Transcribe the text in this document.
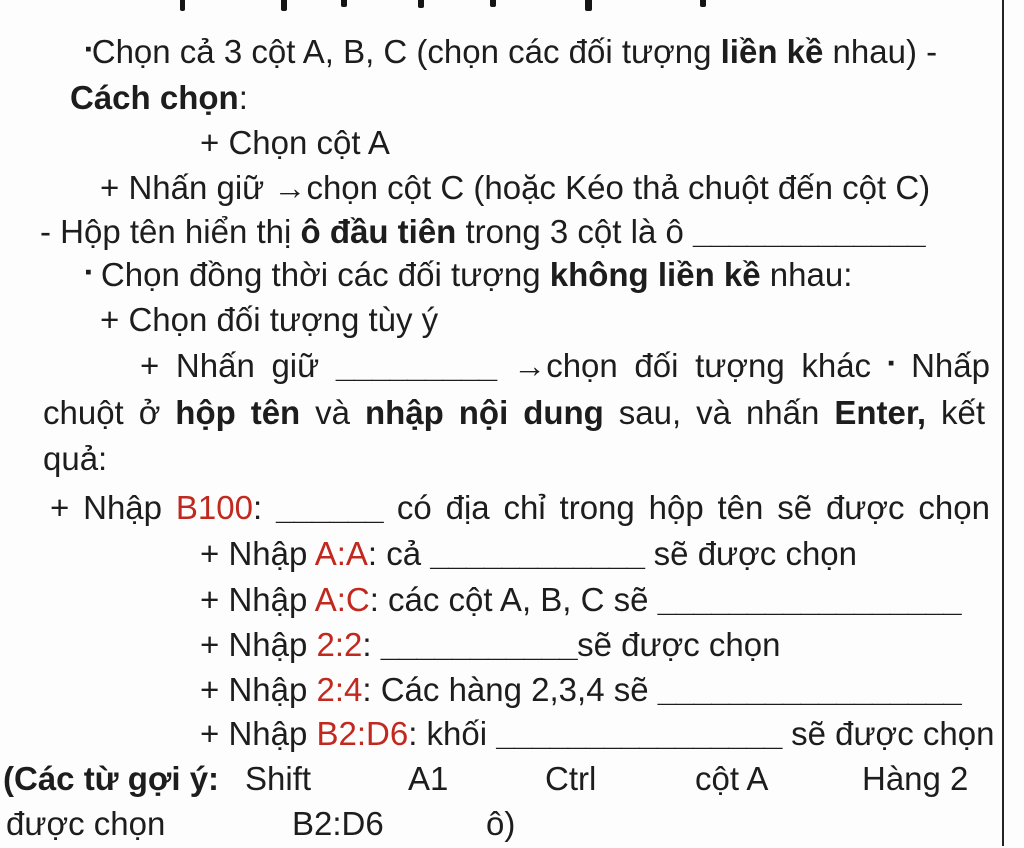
▪Chọn cả 3 cột A, B, C (chọn các đối tượng liền kề nhau) -
Cách chọn:
+ Chọn cột A
+ Nhấn giữ →chọn cột C (hoặc Kéo thả chuột đến cột C)
- Hộp tên hiển thị ô đầu tiên trong 3 cột là ô _____________
▪ Chọn đồng thời các đối tượng không liền kề nhau:
+ Chọn đối tượng tùy ý
+ Nhấn giữ _________ →chọn đối tượng khác ▪ Nhấp
chuột ở hộp tên và nhập nội dung sau, và nhấn Enter, kết
quả:
+ Nhập B100: ______ có địa chỉ trong hộp tên sẽ được chọn
+ Nhập A:A: cả ____________ sẽ được chọn
+ Nhập A:C: các cột A, B, C sẽ _________________
+ Nhập 2:2: ___________sẽ được chọn
+ Nhập 2:4: Các hàng 2,3,4 sẽ _________________
+ Nhập B2:D6: khối ________________ sẽ được chọn
(Các từ gợi ý: Shift	A1	Ctrl	cột A	Hàng 2
được chọn	B2:D6	ô)
